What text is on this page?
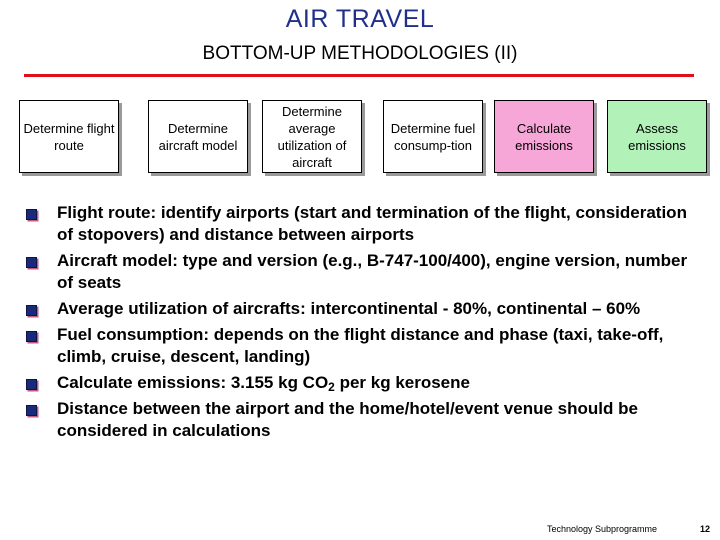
AIR TRAVEL
BOTTOM-UP METHODOLOGIES (II)
Determine flight route
Determine aircraft model
Determine average utilization of aircraft
Determine fuel consump-tion
Calculate emissions
Assess emissions
Flight route: identify airports (start and termination of the flight, consideration of stopovers) and distance between airports
Aircraft model: type and version (e.g., B-747-100/400), engine version, number of seats
Average utilization of aircrafts: intercontinental - 80%, continental – 60%
Fuel consumption: depends on the flight distance and phase (taxi, take-off, climb, cruise, descent, landing)
Calculate emissions: 3.155 kg $CO_2$ per kg kerosene
Distance between the airport and the home/hotel/event venue should be considered in calculations
Technology Subprogramme	12
